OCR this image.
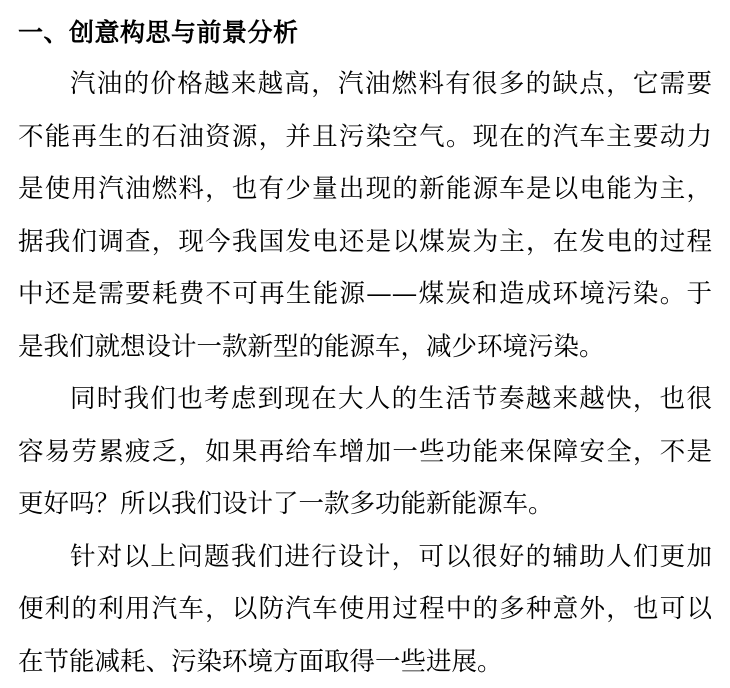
一、创意构思与前景分析
汽油的价格越来越高，汽油燃料有很多的缺点，它需要
不能再生的石油资源，并且污染空气。现在的汽车主要动力
是使用汽油燃料，也有少量出现的新能源车是以电能为主，
据我们调查，现今我国发电还是以煤炭为主，在发电的过程
中还是需要耗费不可再生能源——煤炭和造成环境污染。于
是我们就想设计一款新型的能源车，减少环境污染。
同时我们也考虑到现在大人的生活节奏越来越快，也很
容易劳累疲乏，如果再给车增加一些功能来保障安全，不是
更好吗？所以我们设计了一款多功能新能源车。
针对以上问题我们进行设计，可以很好的辅助人们更加
便利的利用汽车，以防汽车使用过程中的多种意外，也可以
在节能减耗、污染环境方面取得一些进展。
